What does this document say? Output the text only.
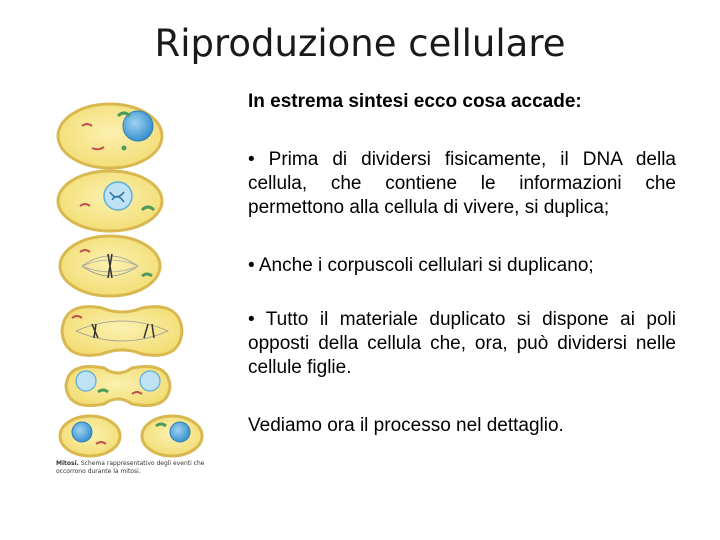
Riproduzione cellulare
Mitosi. Schema rappresentativo degli eventi che occorrono durante la mitosi.
In estrema sintesi ecco cosa accade:
• Prima di dividersi fisicamente, il DNA della cellula, che contiene le informazioni che permettono alla cellula di vivere, si duplica;
• Anche i corpuscoli cellulari si duplicano;
• Tutto il materiale duplicato si dispone ai poli opposti della cellula che, ora, può dividersi nelle cellule figlie.
Vediamo ora il processo nel dettaglio.
